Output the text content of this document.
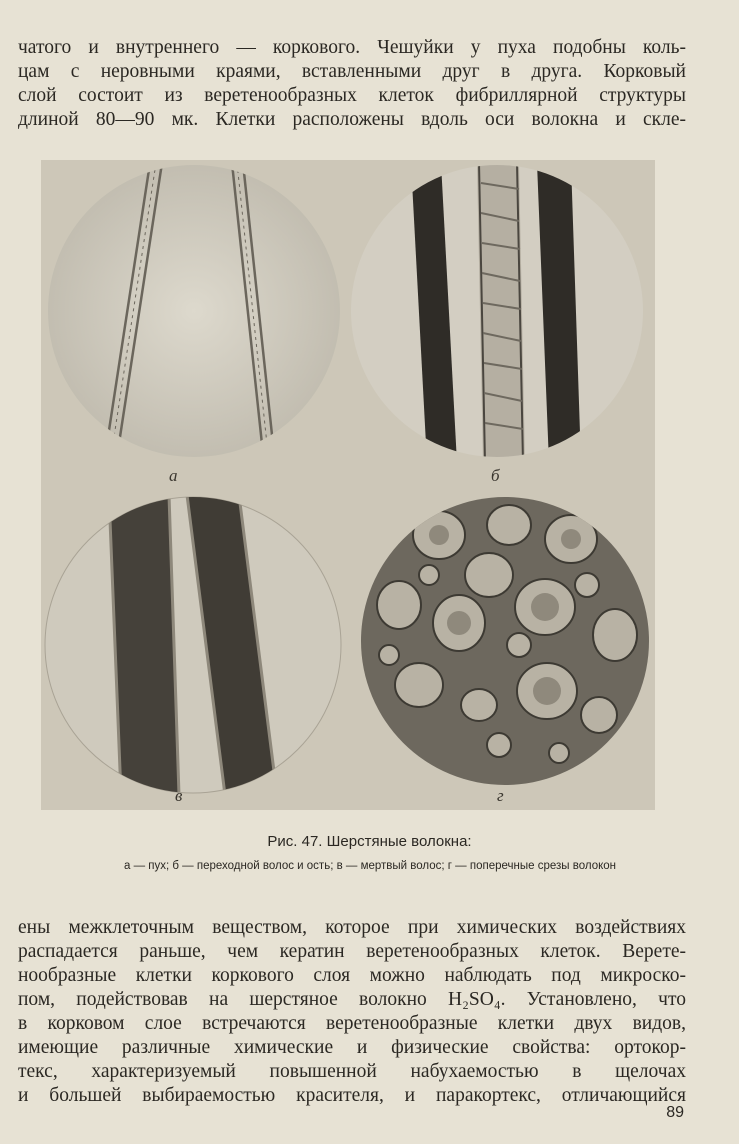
чатого и внутреннего — коркового. Чешуйки у пуха подобны коль-
цам с неровными краями, вставленными друг в друга. Корковый
слой состоит из веретенообразных клеток фибриллярной структуры
длиной 80—90 мк. Клетки расположены вдоль оси волокна и скле-
а	б
в	г
Рис. 47. Шерстяные волокна:
а — пух; б — переходной волос и ость; в — мертвый волос; г — поперечные срезы волокон
ены межклеточным веществом, которое при химических воздействиях
распадается раньше, чем кератин веретенообразных клеток. Верете-
нообразные клетки коркового слоя можно наблюдать под микроско-
пом, подействовав на шерстяное волокно H₂SO₄. Установлено, что
в корковом слое встречаются веретенообразные клетки двух видов,
имеющие различные химические и физические свойства: ортокор-
текс, характеризуемый повышенной набухаемостью в щелочах
и большей выбираемостью красителя, и паракортекс, отличающийся
89
